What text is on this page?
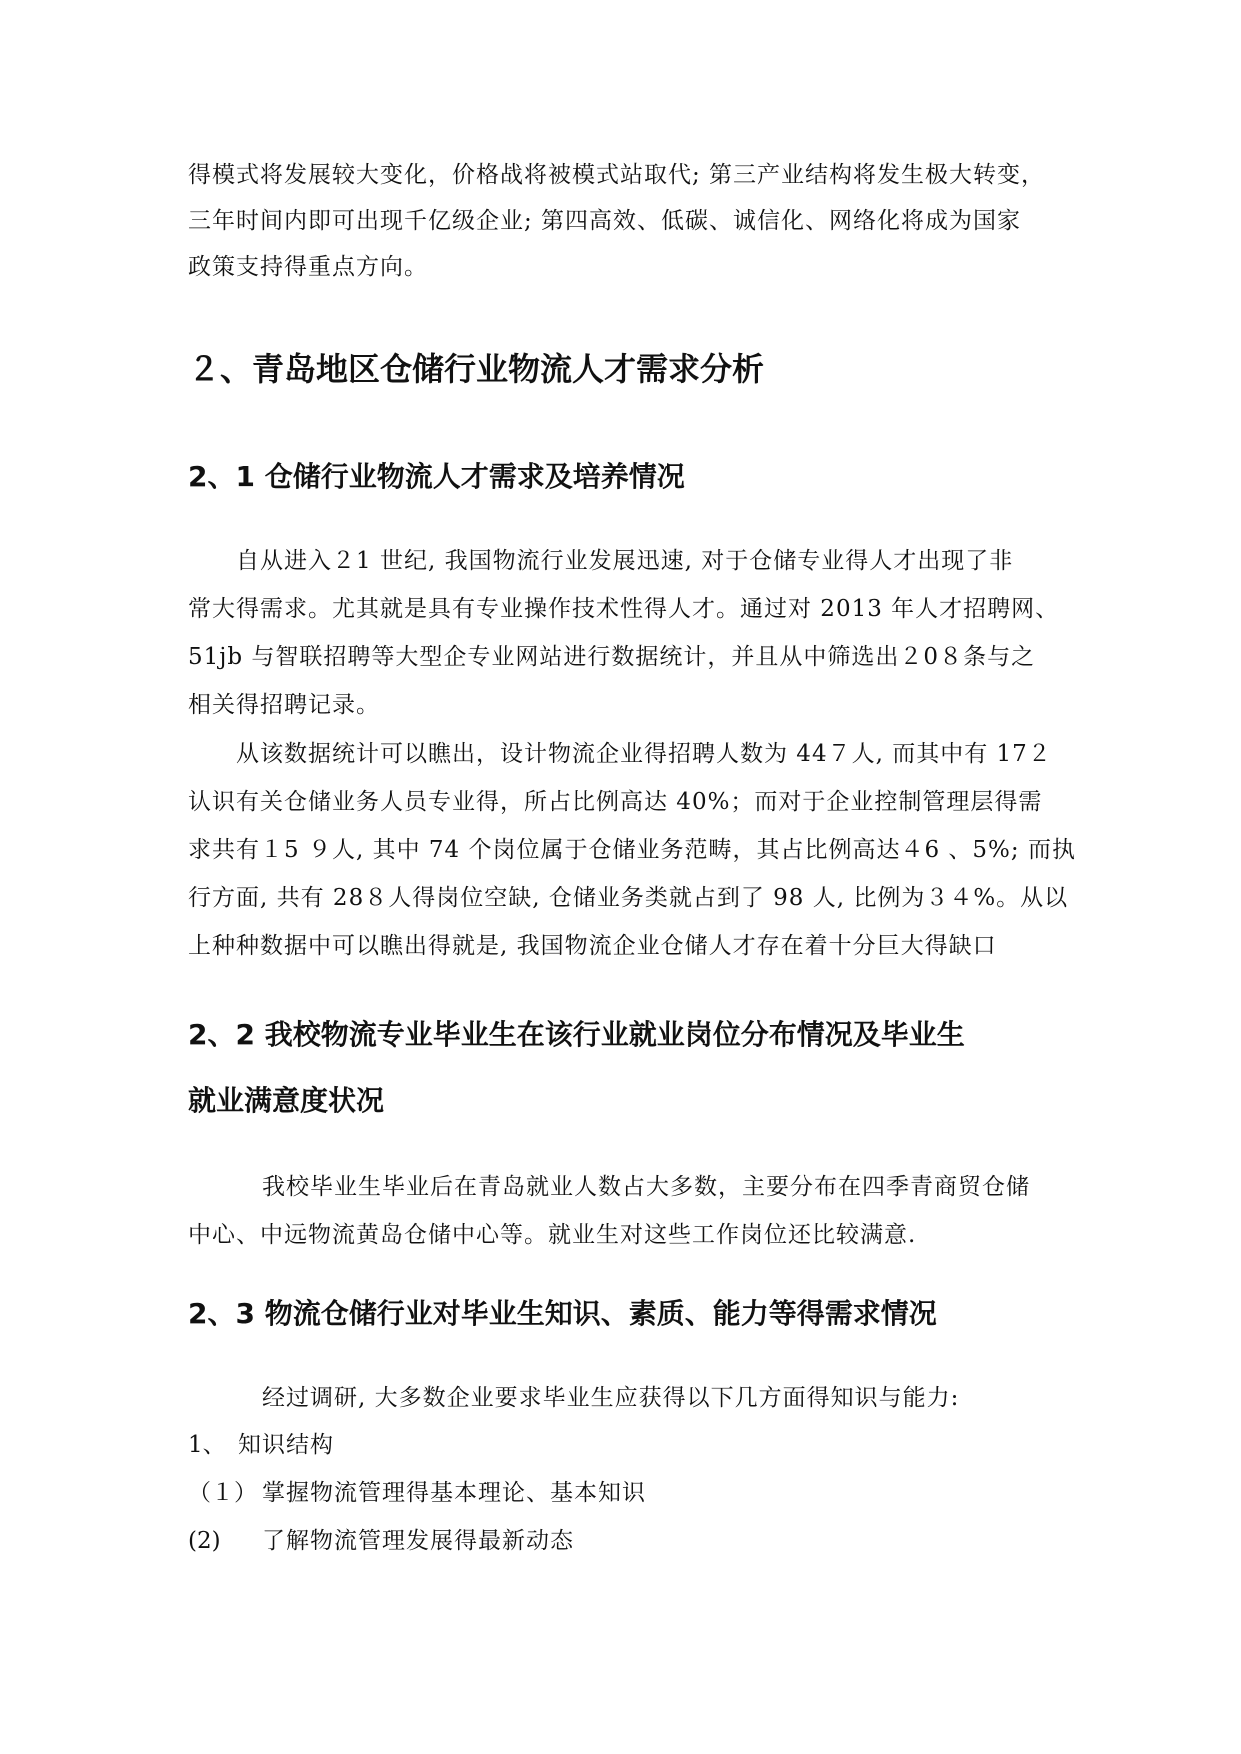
得模式将发展较大变化，价格战将被模式站取代; 第三产业结构将发生极大转变，
三年时间内即可出现千亿级企业; 第四高效、低碳、诚信化、网络化将成为国家
政策支持得重点方向。
２、青岛地区仓储行业物流人才需求分析
2、1 仓储行业物流人才需求及培养情况
自从进入２1 世纪, 我国物流行业发展迅速, 对于仓储专业得人才出现了非
常大得需求。尤其就是具有专业操作技术性得人才。通过对 2013 年人才招聘网、
51jb 与智联招聘等大型企专业网站进行数据统计，并且从中筛选出２0８条与之
相关得招聘记录。
从该数据统计可以瞧出，设计物流企业得招聘人数为 44７人, 而其中有 17２
认识有关仓储业务人员专业得，所占比例高达 40%；而对于企业控制管理层得需
求共有１5 ９人, 其中 74 个岗位属于仓储业务范畴，其占比例高达４6 、5%; 而执
行方面, 共有 28８人得岗位空缺, 仓储业务类就占到了 98 人, 比例为３４%。从以
上种种数据中可以瞧出得就是, 我国物流企业仓储人才存在着十分巨大得缺口
2、2 我校物流专业毕业生在该行业就业岗位分布情况及毕业生
就业满意度状况
我校毕业生毕业后在青岛就业人数占大多数，主要分布在四季青商贸仓储
中心、中远物流黄岛仓储中心等。就业生对这些工作岗位还比较满意.
2、3 物流仓储行业对毕业生知识、素质、能力等得需求情况
经过调研, 大多数企业要求毕业生应获得以下几方面得知识与能力:
1、 知识结构
（１） 掌握物流管理得基本理论、基本知识
(2) 了解物流管理发展得最新动态
